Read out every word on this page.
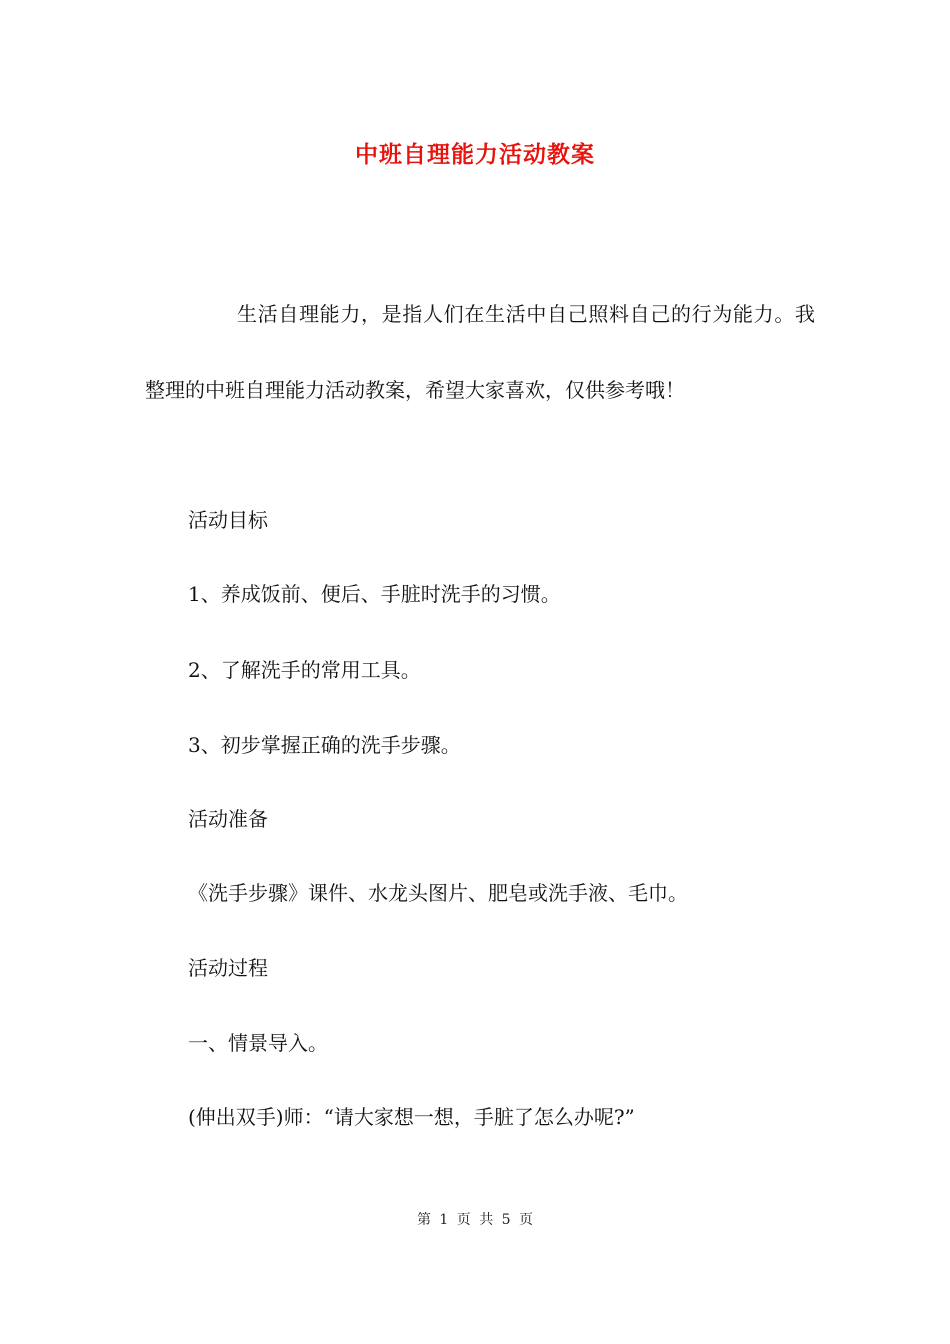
中班自理能力活动教案
生活自理能力，是指人们在生活中自己照料自己的行为能力。我整理的中班自理能力活动教案，希望大家喜欢，仅供参考哦！
活动目标
1、养成饭前、便后、手脏时洗手的习惯。
2、了解洗手的常用工具。
3、初步掌握正确的洗手步骤。
活动准备
《洗手步骤》课件、水龙头图片、肥皂或洗手液、毛巾。
活动过程
一、情景导入。
(伸出双手)师：“请大家想一想，手脏了怎么办呢?”
第 1 页 共 5 页
